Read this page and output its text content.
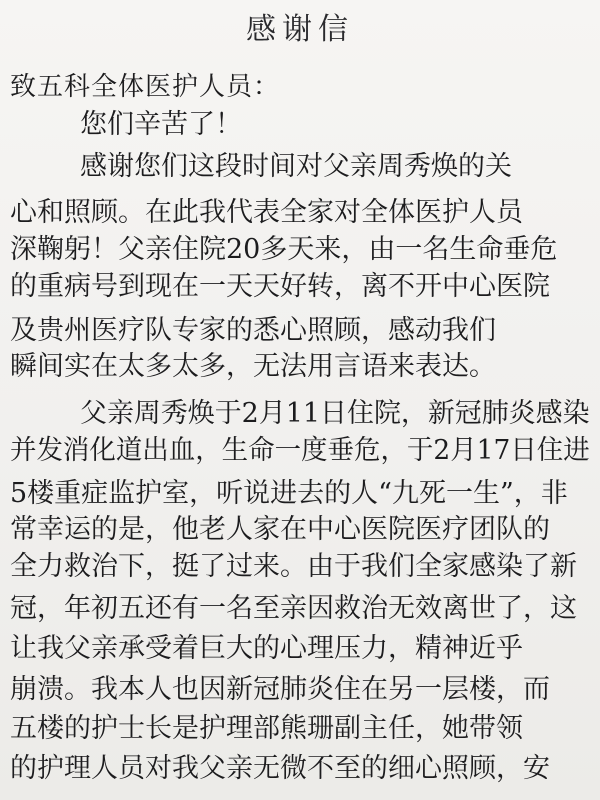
感谢信
致五科全体医护人员：
您们辛苦了！
感谢您们这段时间对父亲周秀焕的关
心和照顾。在此我代表全家对全体医护人员
深鞠躬！父亲住院20多天来，由一名生命垂危
的重病号到现在一天天好转，离不开中心医院
及贵州医疗队专家的悉心照顾，感动我们
瞬间实在太多太多，无法用言语来表达。
父亲周秀焕于2月11日住院，新冠肺炎感染
并发消化道出血，生命一度垂危，于2月17日住进
5楼重症监护室，听说进去的人“九死一生”，非
常幸运的是，他老人家在中心医院医疗团队的
全力救治下，挺了过来。由于我们全家感染了新
冠，年初五还有一名至亲因救治无效离世了，这
让我父亲承受着巨大的心理压力，精神近乎
崩溃。我本人也因新冠肺炎住在另一层楼，而
五楼的护士长是护理部熊珊副主任，她带领
的护理人员对我父亲无微不至的细心照顾，安
